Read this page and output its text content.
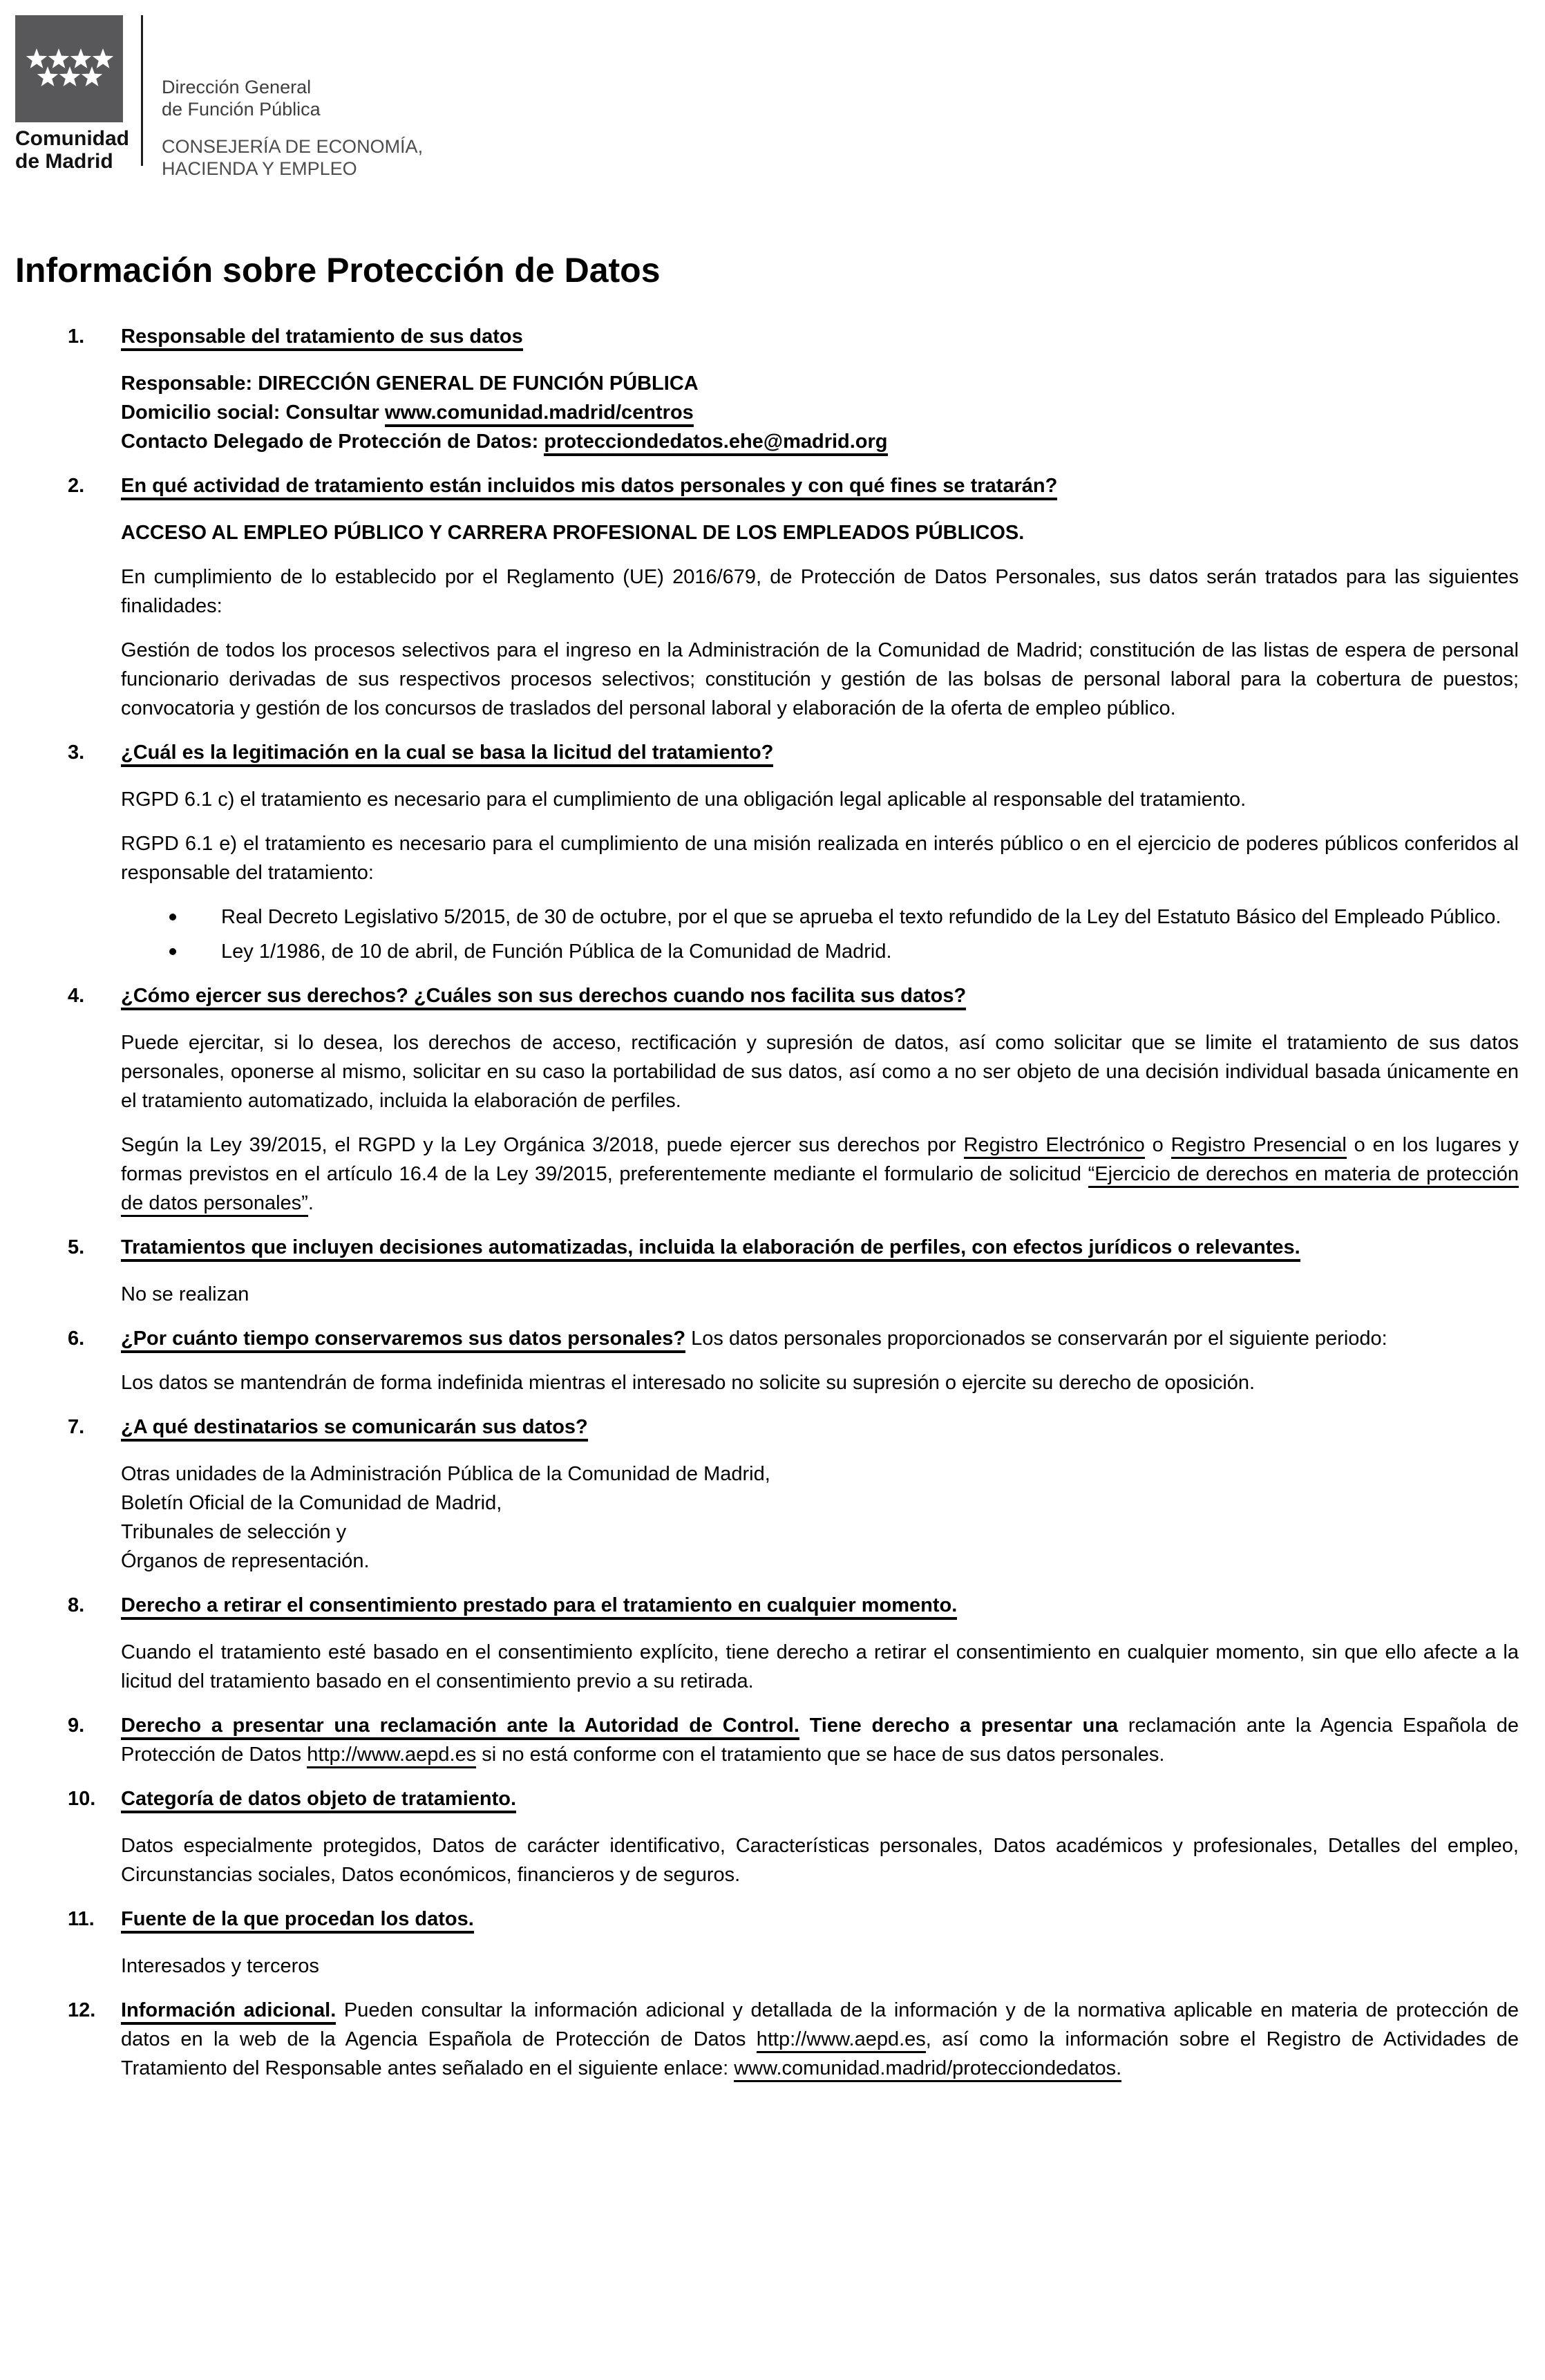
Comunidad
de Madrid
Dirección General
de Función Pública
CONSEJERÍA DE ECONOMÍA,
HACIENDA Y EMPLEO
Información sobre Protección de Datos
1.	Responsable del tratamiento de sus datos
Responsable: DIRECCIÓN GENERAL DE FUNCIÓN PÚBLICA
Domicilio social: Consultar www.comunidad.madrid/centros
Contacto Delegado de Protección de Datos: protecciondedatos.ehe@madrid.org
2.	En qué actividad de tratamiento están incluidos mis datos personales y con qué fines se tratarán?
ACCESO AL EMPLEO PÚBLICO Y CARRERA PROFESIONAL DE LOS EMPLEADOS PÚBLICOS.
En cumplimiento de lo establecido por el Reglamento (UE) 2016/679, de Protección de Datos Personales, sus datos serán tratados para las siguientes finalidades:
Gestión de todos los procesos selectivos para el ingreso en la Administración de la Comunidad de Madrid; constitución de las listas de espera de personal funcionario derivadas de sus respectivos procesos selectivos; constitución y gestión de las bolsas de personal laboral para la cobertura de puestos; convocatoria y gestión de los concursos de traslados del personal laboral y elaboración de la oferta de empleo público.
3.	¿Cuál es la legitimación en la cual se basa la licitud del tratamiento?
RGPD 6.1 c) el tratamiento es necesario para el cumplimiento de una obligación legal aplicable al responsable del tratamiento.
RGPD 6.1 e) el tratamiento es necesario para el cumplimiento de una misión realizada en interés público o en el ejercicio de poderes públicos conferidos al responsable del tratamiento:
Real Decreto Legislativo 5/2015, de 30 de octubre, por el que se aprueba el texto refundido de la Ley del Estatuto Básico del Empleado Público.
Ley 1/1986, de 10 de abril, de Función Pública de la Comunidad de Madrid.
4.	¿Cómo ejercer sus derechos? ¿Cuáles son sus derechos cuando nos facilita sus datos?
Puede ejercitar, si lo desea, los derechos de acceso, rectificación y supresión de datos, así como solicitar que se limite el tratamiento de sus datos personales, oponerse al mismo, solicitar en su caso la portabilidad de sus datos, así como a no ser objeto de una decisión individual basada únicamente en el tratamiento automatizado, incluida la elaboración de perfiles.
Según la Ley 39/2015, el RGPD y la Ley Orgánica 3/2018, puede ejercer sus derechos por Registro Electrónico o Registro Presencial o en los lugares y formas previstos en el artículo 16.4 de la Ley 39/2015, preferentemente mediante el formulario de solicitud “Ejercicio de derechos en materia de protección de datos personales”.
5.	Tratamientos que incluyen decisiones automatizadas, incluida la elaboración de perfiles, con efectos jurídicos o relevantes.
No se realizan
6.	¿Por cuánto tiempo conservaremos sus datos personales? Los datos personales proporcionados se conservarán por el siguiente periodo:
Los datos se mantendrán de forma indefinida mientras el interesado no solicite su supresión o ejercite su derecho de oposición.
7.	¿A qué destinatarios se comunicarán sus datos?
Otras unidades de la Administración Pública de la Comunidad de Madrid,
Boletín Oficial de la Comunidad de Madrid,
Tribunales de selección y
Órganos de representación.
8.	Derecho a retirar el consentimiento prestado para el tratamiento en cualquier momento.
Cuando el tratamiento esté basado en el consentimiento explícito, tiene derecho a retirar el consentimiento en cualquier momento, sin que ello afecte a la licitud del tratamiento basado en el consentimiento previo a su retirada.
9.	Derecho a presentar una reclamación ante la Autoridad de Control. Tiene derecho a presentar una reclamación ante la Agencia Española de Protección de Datos http://www.aepd.es si no está conforme con el tratamiento que se hace de sus datos personales.
10.	Categoría de datos objeto de tratamiento.
Datos especialmente protegidos, Datos de carácter identificativo, Características personales, Datos académicos y profesionales, Detalles del empleo, Circunstancias sociales, Datos económicos, financieros y de seguros.
11.	Fuente de la que procedan los datos.
Interesados y terceros
12.	Información adicional. Pueden consultar la información adicional y detallada de la información y de la normativa aplicable en materia de protección de datos en la web de la Agencia Española de Protección de Datos http://www.aepd.es, así como la información sobre el Registro de Actividades de Tratamiento del Responsable antes señalado en el siguiente enlace: www.comunidad.madrid/protecciondedatos.
